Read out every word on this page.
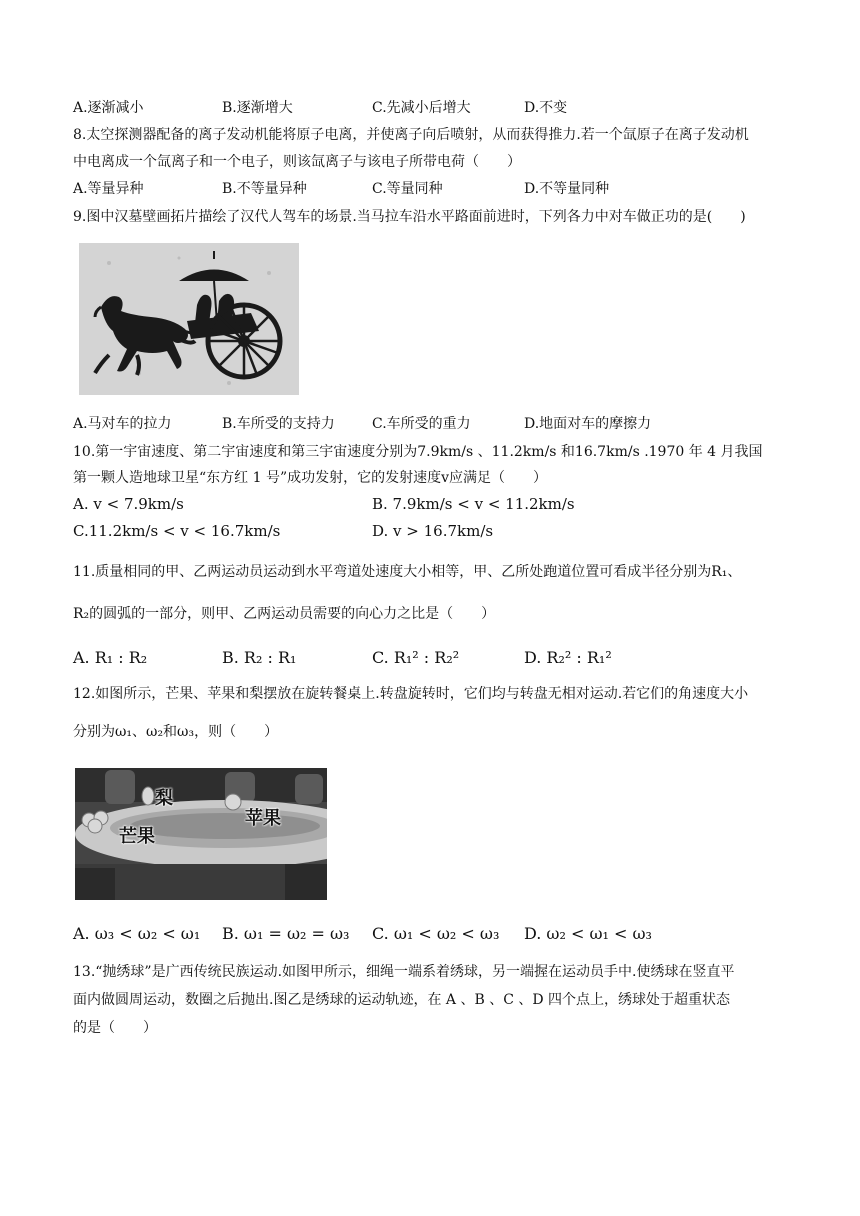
A.逐渐减小	B.逐渐增大	C.先减小后增大	D.不变
8.太空探测器配备的离子发动机能将原子电离，并使离子向后喷射，从而获得推力.若一个氙原子在离子发动机
中电离成一个氙离子和一个电子，则该氙离子与该电子所带电荷（　　）
A.等量异种	B.不等量异种	C.等量同种	D.不等量同种
9.图中汉墓壁画拓片描绘了汉代人驾车的场景.当马拉车沿水平路面前进时，下列各力中对车做正功的是(　　)
A.马对车的拉力	B.车所受的支持力	C.车所受的重力	D.地面对车的摩擦力
10.第一宇宙速度、第二宇宙速度和第三宇宙速度分别为7.9km/s 、11.2km/s 和16.7km/s .1970 年 4 月我国
第一颗人造地球卫星“东方红 1 号”成功发射，它的发射速度v应满足（　　）
A. v < 7.9km/s	B. 7.9km/s < v < 11.2km/s
C.11.2km/s < v < 16.7km/s	D. v > 16.7km/s
11.质量相同的甲、乙两运动员运动到水平弯道处速度大小相等，甲、乙所处跑道位置可看成半径分别为R₁、
R₂的圆弧的一部分，则甲、乙两运动员需要的向心力之比是（　　）
A. R₁ : R₂	B. R₂ : R₁	C. R₁² : R₂²	D. R₂² : R₁²
12.如图所示，芒果、苹果和梨摆放在旋转餐桌上.转盘旋转时，它们均与转盘无相对运动.若它们的角速度大小
分别为ω₁、ω₂和ω₃，则（　　）
梨
苹果
芒果
A. ω₃ < ω₂ < ω₁ B. ω₁ = ω₂ = ω₃ C. ω₁ < ω₂ < ω₃ D. ω₂ < ω₁ < ω₃
13.“抛绣球”是广西传统民族运动.如图甲所示，细绳一端系着绣球，另一端握在运动员手中.使绣球在竖直平
面内做圆周运动，数圈之后抛出.图乙是绣球的运动轨迹，在 A 、B 、C 、D 四个点上，绣球处于超重状态
的是（　　）
